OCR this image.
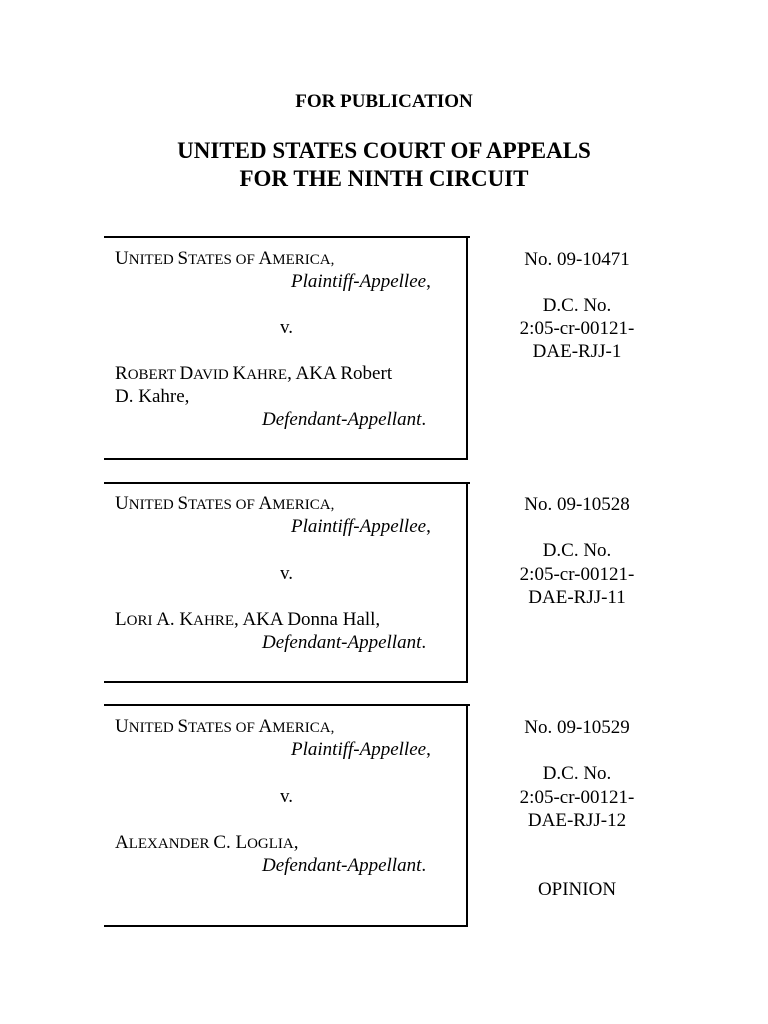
FOR PUBLICATION

UNITED STATES COURT OF APPEALS

FOR THE NINTH CIRCUIT

UNITED STATES OF AMERICA,
Plaintiff-Appellee,
v.
ROBERT DAVID KAHRE, AKA Robert
D. Kahre,
Defendant-Appellant.
No. 09-10471
D.C. No.
2:05-cr-00121-
DAE-RJJ-1
UNITED STATES OF AMERICA,
Plaintiff-Appellee,
v.
LORI A. KAHRE, AKA Donna Hall,
Defendant-Appellant.
No. 09-10528
D.C. No.
2:05-cr-00121-
DAE-RJJ-11
UNITED STATES OF AMERICA,
Plaintiff-Appellee,
v.
ALEXANDER C. LOGLIA,
Defendant-Appellant.
No. 09-10529
D.C. No.
2:05-cr-00121-
DAE-RJJ-12
OPINION
